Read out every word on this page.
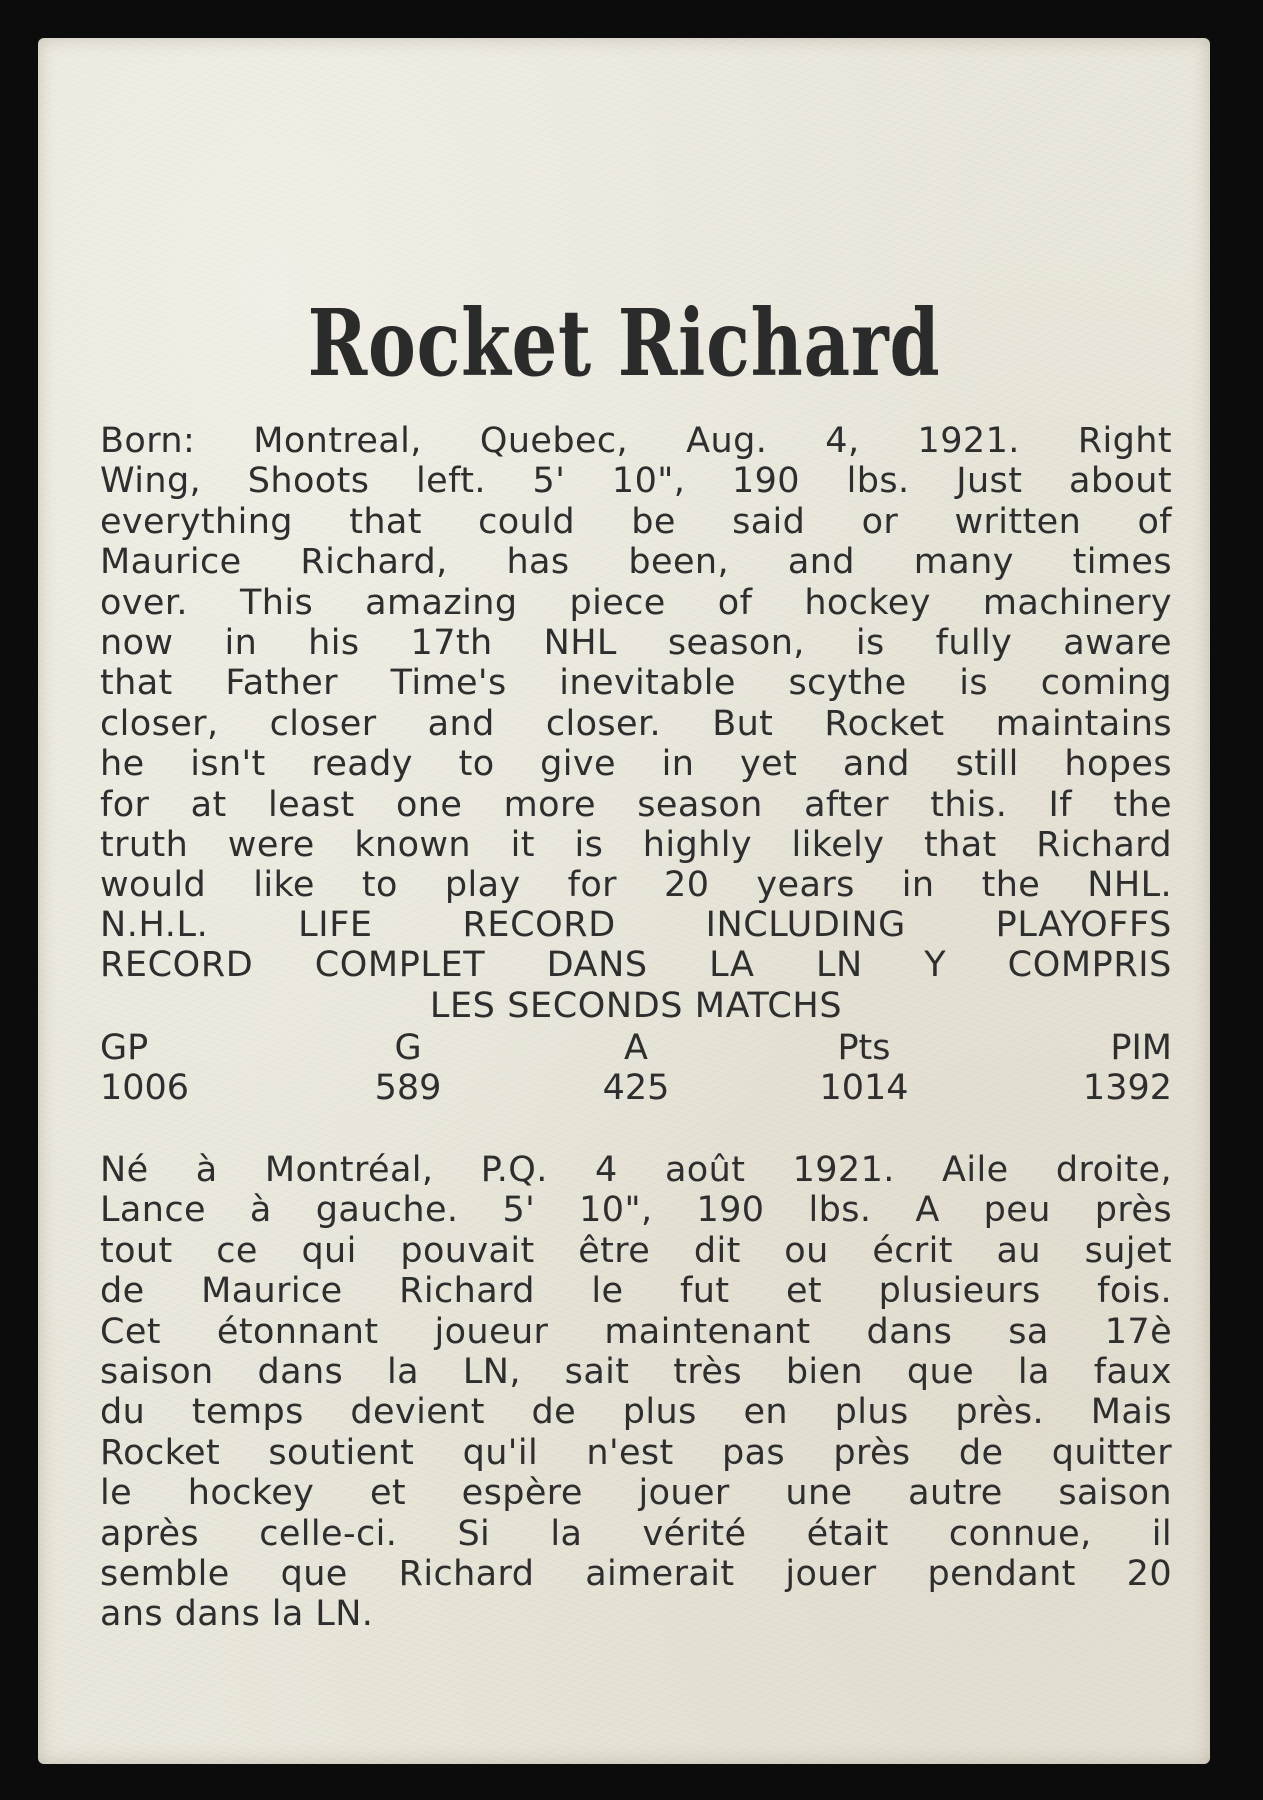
Rocket Richard
Born: Montreal, Quebec, Aug. 4, 1921. Right
Wing, Shoots left. 5' 10", 190 lbs. Just about
everything that could be said or written of
Maurice Richard, has been, and many times
over. This amazing piece of hockey machinery
now in his 17th NHL season, is fully aware
that Father Time's inevitable scythe is coming
closer, closer and closer. But Rocket maintains
he isn't ready to give in yet and still hopes
for at least one more season after this. If the
truth were known it is highly likely that Richard
would like to play for 20 years in the NHL.
N.H.L. LIFE RECORD INCLUDING PLAYOFFS
RECORD COMPLET DANS LA LN Y COMPRIS
LES SECONDS MATCHS
GP	G	A	Pts	PIM
1006	589	425	1014	1392
Né à Montréal, P.Q. 4 août 1921. Aile droite,
Lance à gauche. 5' 10", 190 lbs. A peu près
tout ce qui pouvait être dit ou écrit au sujet
de Maurice Richard le fut et plusieurs fois.
Cet étonnant joueur maintenant dans sa 17è
saison dans la LN, sait très bien que la faux
du temps devient de plus en plus près. Mais
Rocket soutient qu'il n'est pas près de quitter
le hockey et espère jouer une autre saison
après celle-ci. Si la vérité était connue, il
semble que Richard aimerait jouer pendant 20
ans dans la LN.
